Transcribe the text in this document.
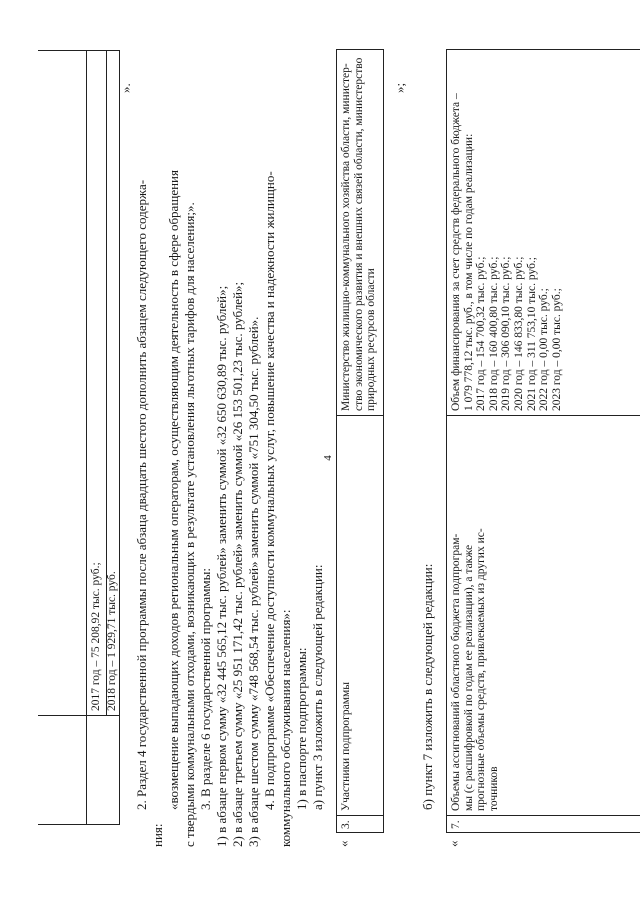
4
2017 год – 75 208,92 тыс. руб.; 2018 год – 1 929,71 тыс. руб.
».
2. Раздел 4 государственной программы после абзаца двадцать шестого дополнить абзацем следующего содержа-
ния:
«возмещение выпадающих доходов региональным операторам, осуществляющим деятельность в сфере обращения с твердыми коммунальными отходами, возникающих в результате установления льготных тарифов для населения;». 3. В разделе 6 государственной программы: 1) в абзаце первом сумму «32 445 565,12 тыс. рублей» заменить суммой «32 650 630,89 тыс. рублей»; 2) в абзаце третьем сумму «25 951 171,42 тыс. рублей» заменить суммой «26 153 501,23 тыс. рублей»; 3) в абзаце шестом сумму «748 568,54 тыс. рублей» заменить суммой «751 304,50 тыс. рублей». 4. В подпрограмме «Обеспечение доступности коммунальных услуг, повышение качества и надежности жилищно- коммунального обслуживания населения»: 1) в паспорте подпрограммы: а) пункт 3 изложить в следующей редакции:
«
3.
Участники подпрограммы
Министерство жилищно-коммунального хозяйства области, министер- ство экономического развития и внешних связей области, министерство природных ресурсов области
»;
б) пункт 7 изложить в следующей редакции:
«
7.
Объемы ассигнований областного бюджета подпрограм- мы (с расшифровкой по годам ее реализации), а также прогнозные объемы средств, привлекаемых из других ис- точников
Объем финансирования за счет средств федерального бюджета – 1 079 778,12 тыс. руб., в том числе по годам реализации: 2017 год – 154 700,32 тыс. руб.; 2018 год – 160 400,80 тыс. руб.; 2019 год – 306 090,10 тыс. руб.; 2020 год – 146 833,80 тыс. руб.; 2021 год – 311 753,10 тыс. руб.; 2022 год – 0,00 тыс. руб.; 2023 год – 0,00 тыс. руб.;
